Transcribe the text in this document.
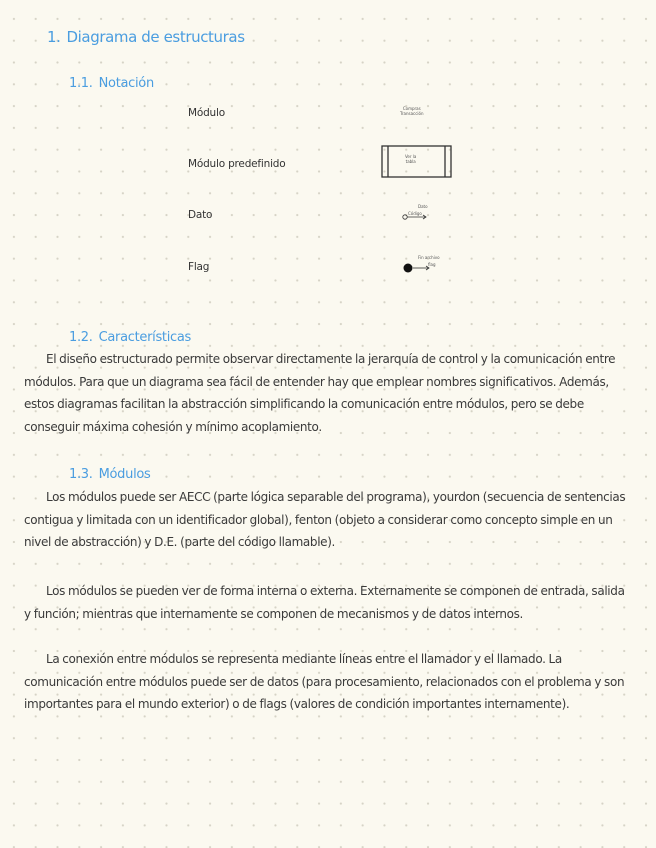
1. Diagrama de estructuras
1.1. Notación
Módulo
Módulo predefinido
Dato
Flag
Compras
Transacción
Ver la
tabla
Dato
Código
Fin archivo
flag
1.2. Características

El diseño estructurado permite observar directamente la jerarquía de control y la comunicación entre módulos. Para que un diagrama sea fácil de entender hay que emplear nombres significativos. Además, estos diagramas facilitan la abstracción simplificando la comunicación entre módulos, pero se debe conseguir máxima cohesión y mínimo acoplamiento.

1.3. Módulos

Los módulos puede ser AECC (parte lógica separable del programa), yourdon (secuencia de sentencias contigua y limitada con un identificador global), fenton (objeto a considerar como concepto simple en un nivel de abstracción) y D.E. (parte del código llamable).

Los módulos se pueden ver de forma interna o externa. Externamente se componen de entrada, salida y función; mientras que internamente se componen de mecanismos y de datos internos.

La conexión entre módulos se representa mediante líneas entre el llamador y el llamado. La comunicación entre módulos puede ser de datos (para procesamiento, relacionados con el problema y son importantes para el mundo exterior) o de flags (valores de condición importantes internamente).
